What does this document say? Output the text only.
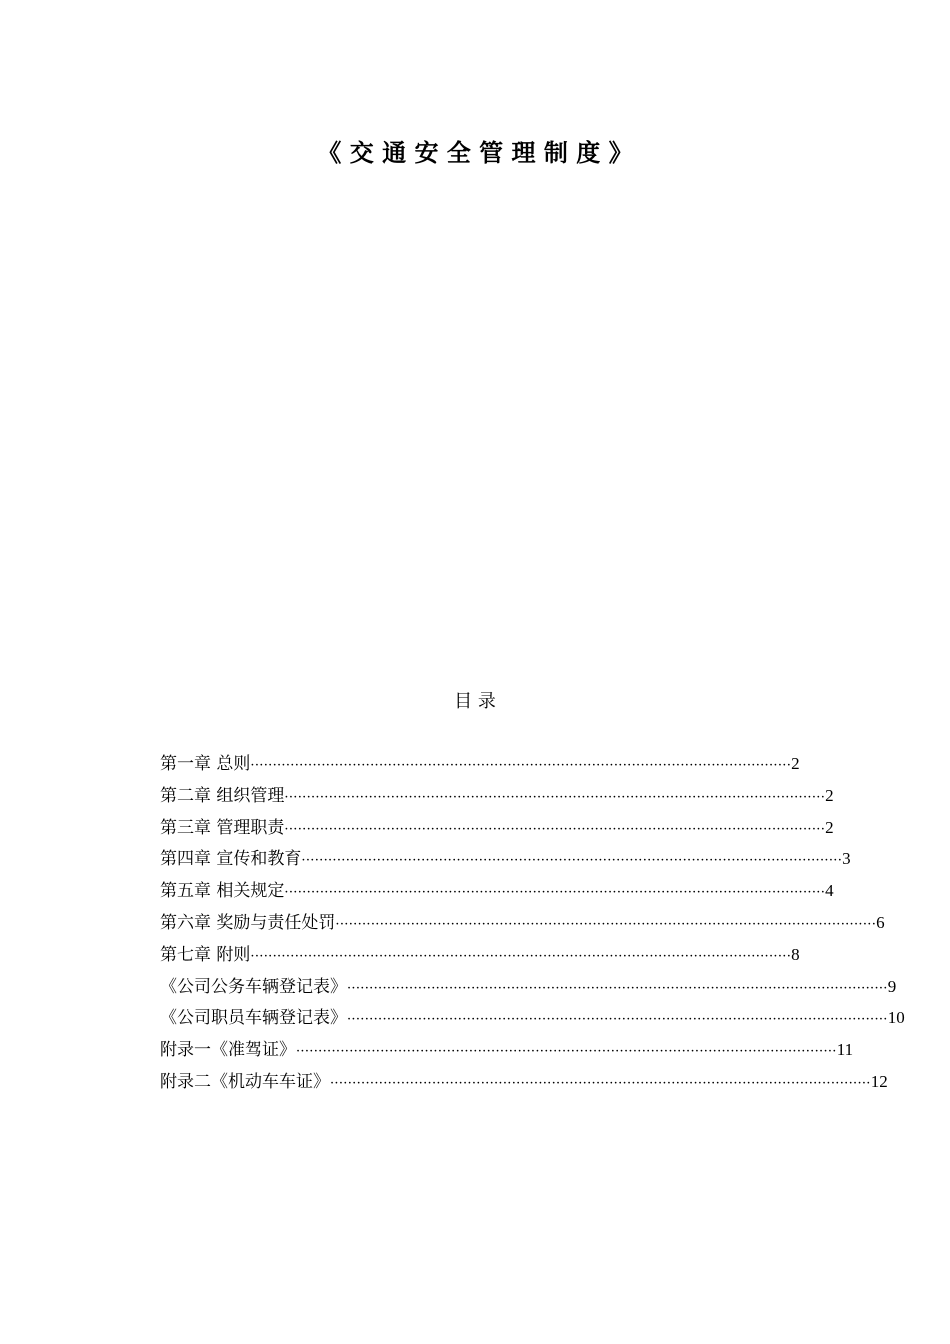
《 交 通 安 全 管 理 制 度 》
目 录
第一章 总则 ·························································································································· 2
第二章 组织管理 ·························································································································· 2
第三章 管理职责 ·························································································································· 2
第四章 宣传和教育 ·························································································································· 3
第五章 相关规定 ·························································································································· 4
第六章 奖励与责任处罚 ·························································································································· 6
第七章 附则 ·························································································································· 8
《公司公务车辆登记表》 ·························································································································· 9
《公司职员车辆登记表》 ·························································································································· 10
附录一《准驾证》 ·························································································································· 11
附录二《机动车车证》 ·························································································································· 12
